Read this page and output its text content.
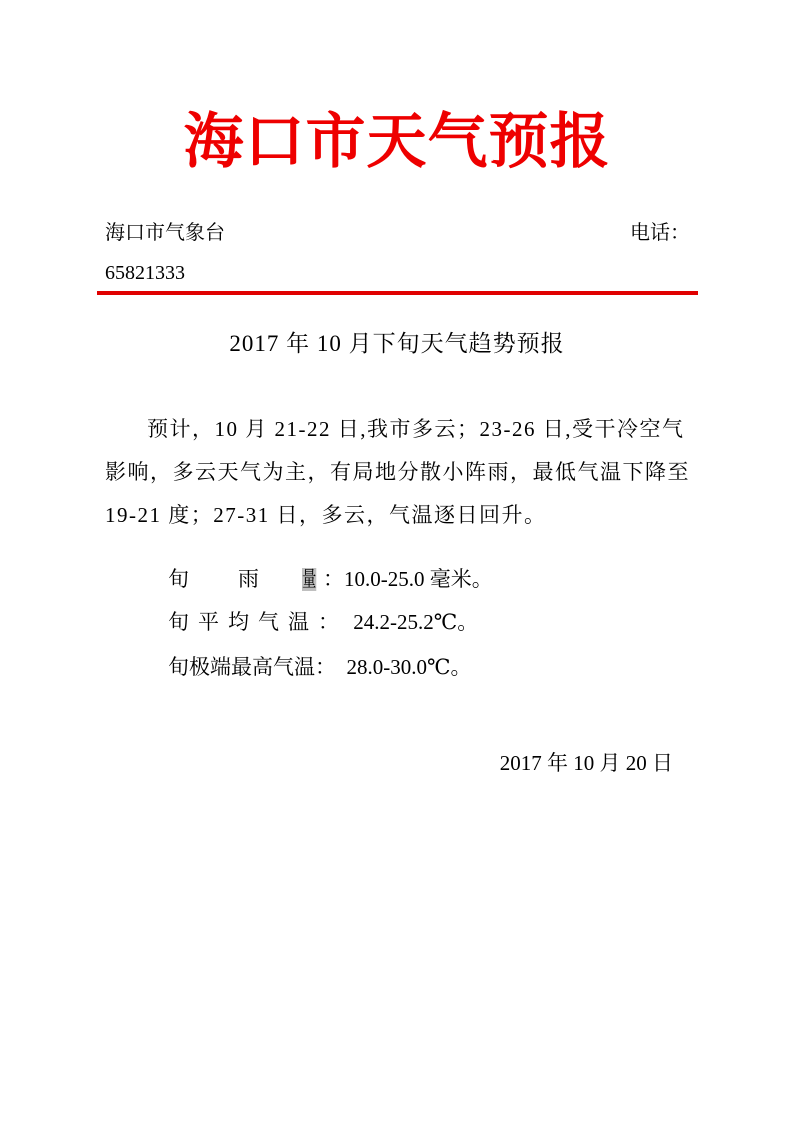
海口市天气预报
海口市气象台	电话：
65821333
2017 年 10 月下旬天气趋势预报
预计，10 月 21-22 日,我市多云；23-26 日,受干冷空气
影响，多云天气为主，有局地分散小阵雨，最低气温下降至
19-21 度；27-31 日，多云，气温逐日回升。

旬 雨 量 ：10.0-25.0 毫米。

旬平均气温： 24.2-25.2℃。

旬极端最高气温：  28.0-30.0℃。

2017 年 10 月 20 日
